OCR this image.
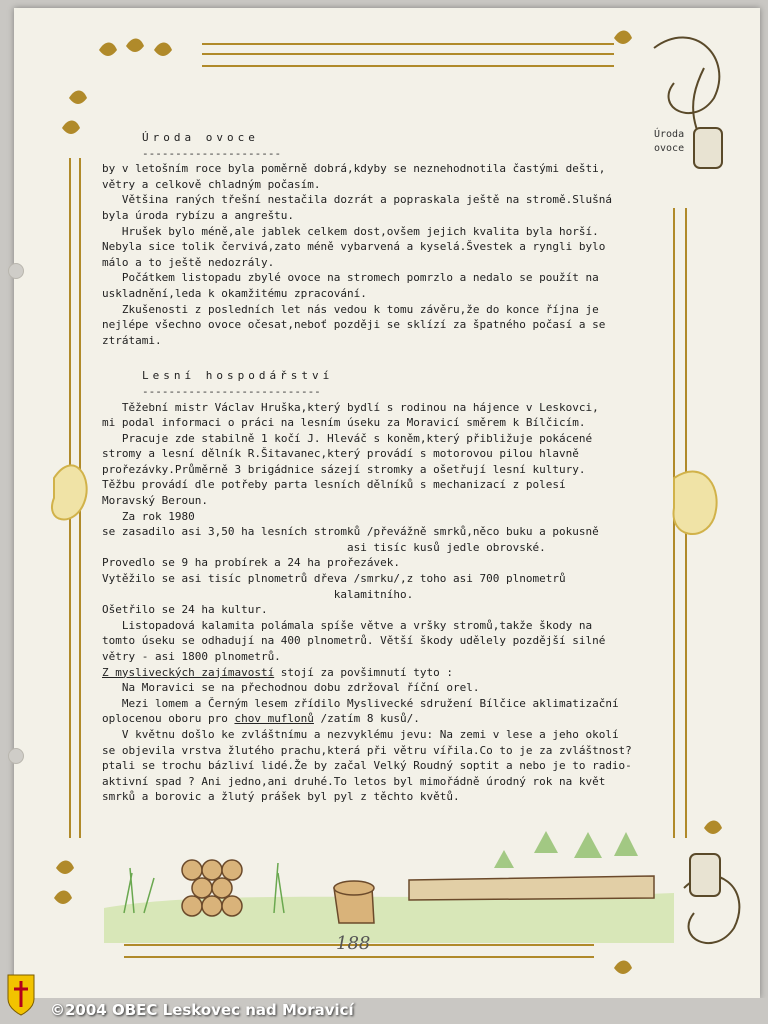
Úroda
ovoce

Úroda ovoce

---------------------

by v letošním roce byla poměrně dobrá,kdyby se neznehodnotila častými dešti,

větry a celkově chladným počasím.

Většina raných třešní nestačila dozrát a popraskala ještě na stromě.Slušná

byla úroda rybízu a angreštu.

Hrušek bylo méně,ale jablek celkem dost,ovšem jejich kvalita byla horší.

Nebyla sice tolik červivá,zato méně vybarvená a kyselá.Švestek a ryngli bylo

málo a to ještě nedozrály.

Počátkem listopadu zbylé ovoce na stromech pomrzlo a nedalo se použít na

uskladnění,leda k okamžitému zpracování.

Zkušenosti z posledních let nás vedou k tomu závěru,že do konce října je

nejlépe všechno ovoce očesat,neboť později se sklízí za špatného počasí a se

ztrátami.

Lesní hospodářství

---------------------------

Těžební mistr Václav Hruška,který bydlí s rodinou na hájence v Leskovci,

mi podal informaci o práci na lesním úseku za Moravicí směrem k Bílčicím.

Pracuje zde stabilně 1 kočí J. Hleváč s koněm,který přibližuje pokácené

stromy a lesní dělník R.Šitavanec,který provádí s motorovou pilou hlavně

prořezávky.Průměrně 3 brigádnice sázejí stromky a ošetřují lesní kultury.

Těžbu provádí dle potřeby parta lesních dělníků s mechanizací z polesí

Moravský Beroun.

Za rok 1980

se zasadilo asi 3,50 ha lesních stromků /převážně smrků,něco buku a pokusně

asi tisíc kusů jedle obrovské.

Provedlo se 9 ha probírek a 24 ha prořezávek.

Vytěžilo se asi tisíc plnometrů dřeva /smrku/,z toho asi 700 plnometrů

kalamitního.

Ošetřilo se 24 ha kultur.

Listopadová kalamita polámala spíše větve a vršky stromů,takže škody na

tomto úseku se odhadují na 400 plnometrů. Větší škody udělely pozdější silné

větry - asi 1800 plnometrů.

Z mysliveckých zajímavostí stojí za povšimnutí tyto :

Na Moravici se na přechodnou dobu zdržoval říční orel.

Mezi lomem a Černým lesem zřídilo Myslivecké sdružení Bílčice aklimatizační

oplocenou oboru pro chov muflonů /zatím 8 kusů/.

V květnu došlo ke zvláštnímu a nezvyklému jevu: Na zemi v lese a jeho okolí

se objevila vrstva žlutého prachu,která při větru vířila.Co to je za zvláštnost?

ptali se trochu bázliví lidé.Že by začal Velký Roudný soptit a nebo je to radio-

aktivní spad ? Ani jedno,ani druhé.To letos byl mimořádně úrodný rok na květ

smrků a borovic a žlutý prášek byl pyl z těchto květů.

188
©2004 OBEC Leskovec nad Moravicí
